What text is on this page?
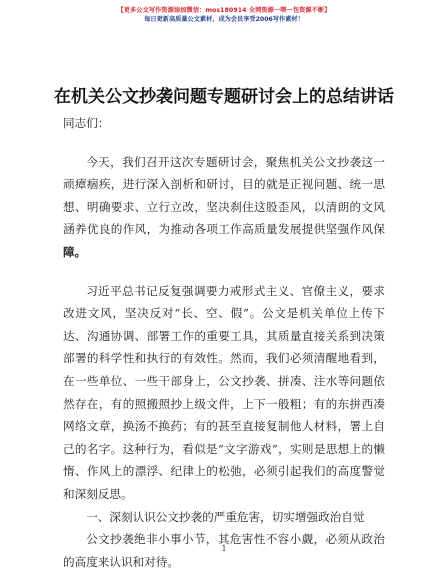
【更多公文写作资源添加微信：mos180914 全网资源一喂一包资源不断】
每日更新高质量公文素材，成为会员享受2006写作素材！
在机关公文抄袭问题专题研讨会上的总结讲话

同志们：

今天，我们召开这次专题研讨会，聚焦机关公文抄袭这一顽瘴痼疾，进行深入剖析和研讨，目的就是正视问题、统一思想、明确要求、立行立改，坚决刹住这股歪风，以清朗的文风涵养优良的作风，为推动各项工作高质量发展提供坚强作风保障。

习近平总书记反复强调要力戒形式主义、官僚主义，要求改进文风，坚决反对“长、空、假”。公文是机关单位上传下达、沟通协调、部署工作的重要工具，其质量直接关系到决策部署的科学性和执行的有效性。然而，我们必须清醒地看到，在一些单位、一些干部身上，公文抄袭、拼凑、注水等问题依然存在，有的照搬照抄上级文件，上下一般粗；有的东拼西凑网络文章，换汤不换药；有的甚至直接复制他人材料，署上自己的名字。这种行为，看似是“文字游戏”，实则是思想上的懒惰、作风上的漂浮、纪律上的松弛，必须引起我们的高度警觉和深刻反思。

一、深刻认识公文抄袭的严重危害，切实增强政治自觉

公文抄袭绝非小事小节，其危害性不容小觑，必须从政治的高度来认识和对待。

1
